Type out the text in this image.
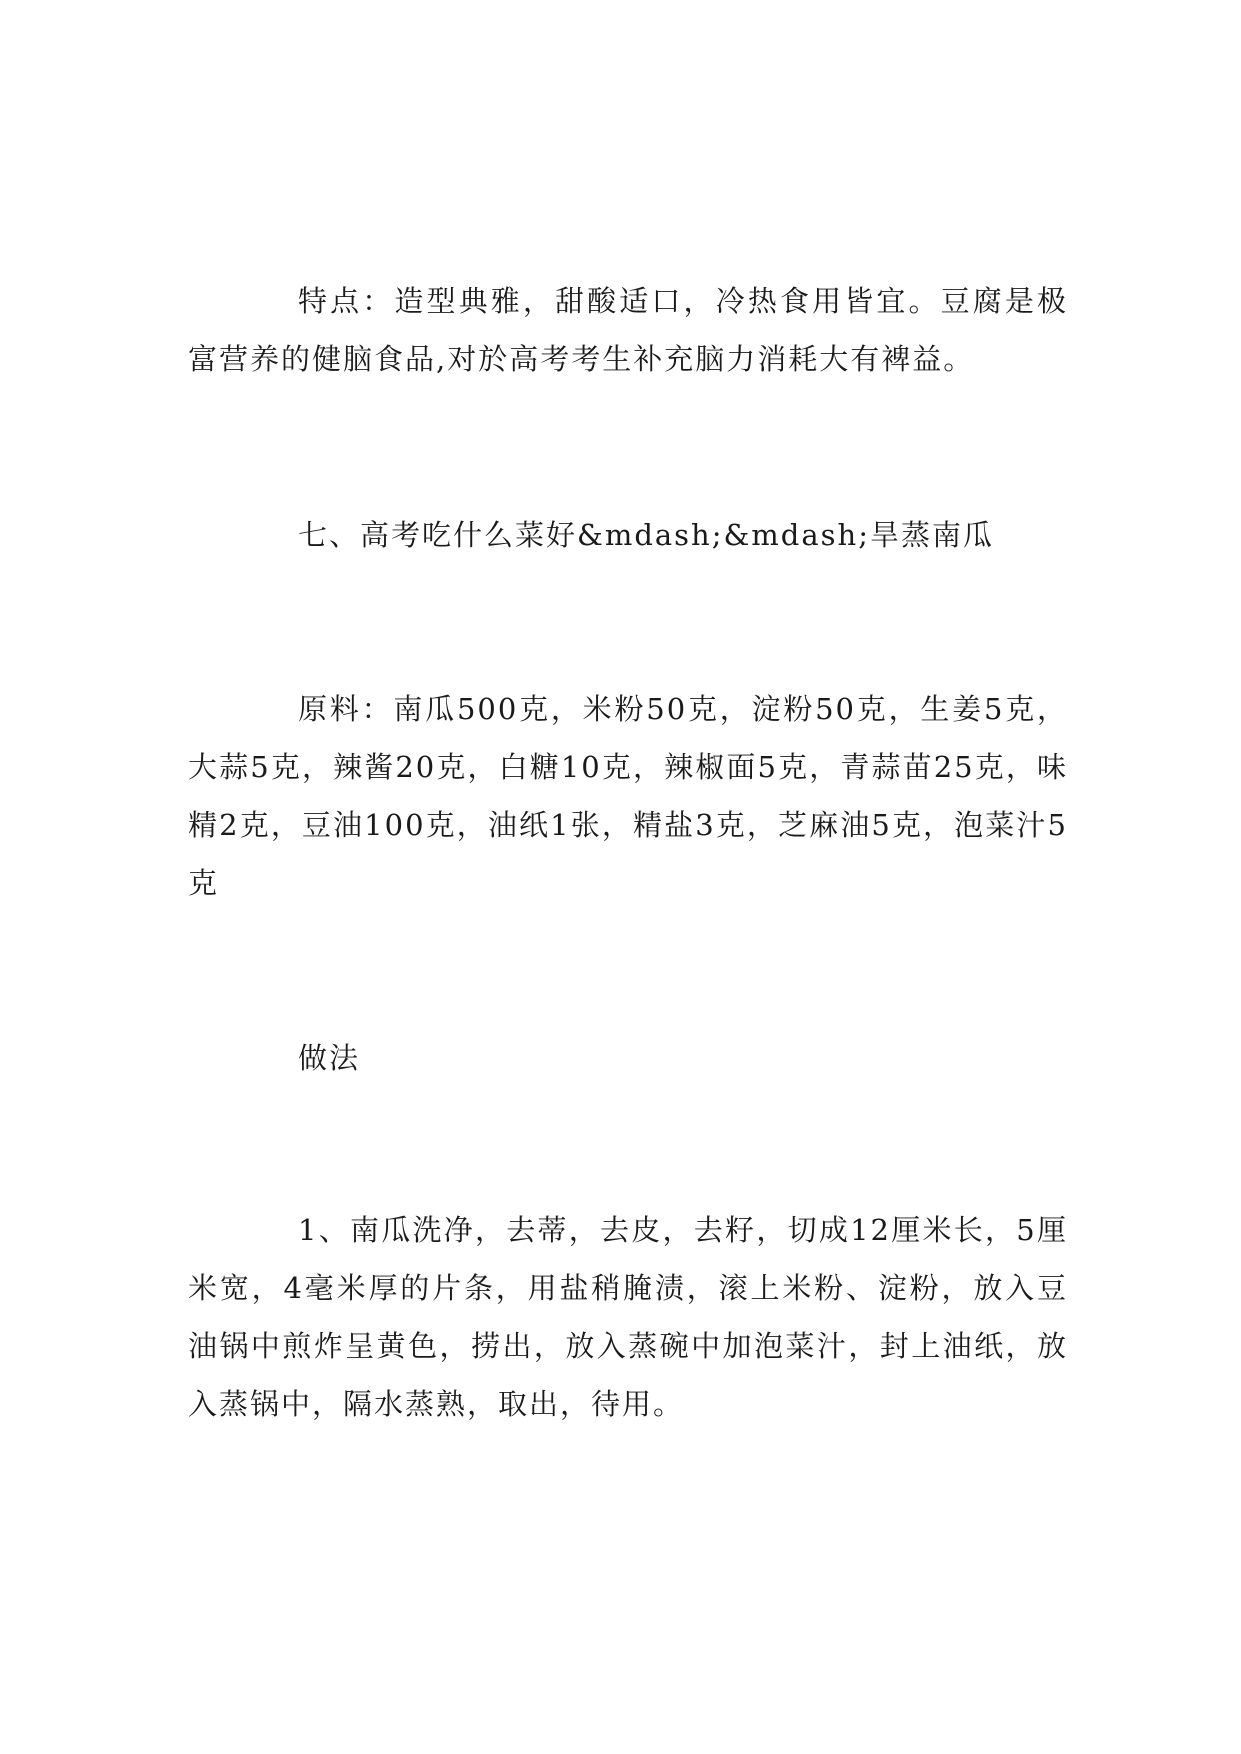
特点：造型典雅，甜酸适口，冷热食用皆宜。豆腐是极富营养的健脑食品,对於高考考生补充脑力消耗大有裨益。

七、高考吃什么菜好&mdash;&mdash;旱蒸南瓜

原料：南瓜500克，米粉50克，淀粉50克，生姜5克，大蒜5克，辣酱20克，白糖10克，辣椒面5克，青蒜苗25克，味精2克，豆油100克，油纸1张，精盐3克，芝麻油5克，泡菜汁5克

做法

1、南瓜洗净，去蒂，去皮，去籽，切成12厘米长，5厘米宽，4毫米厚的片条，用盐稍腌渍，滚上米粉、淀粉，放入豆油锅中煎炸呈黄色，捞出，放入蒸碗中加泡菜汁，封上油纸，放入蒸锅中，隔水蒸熟，取出，待用。
